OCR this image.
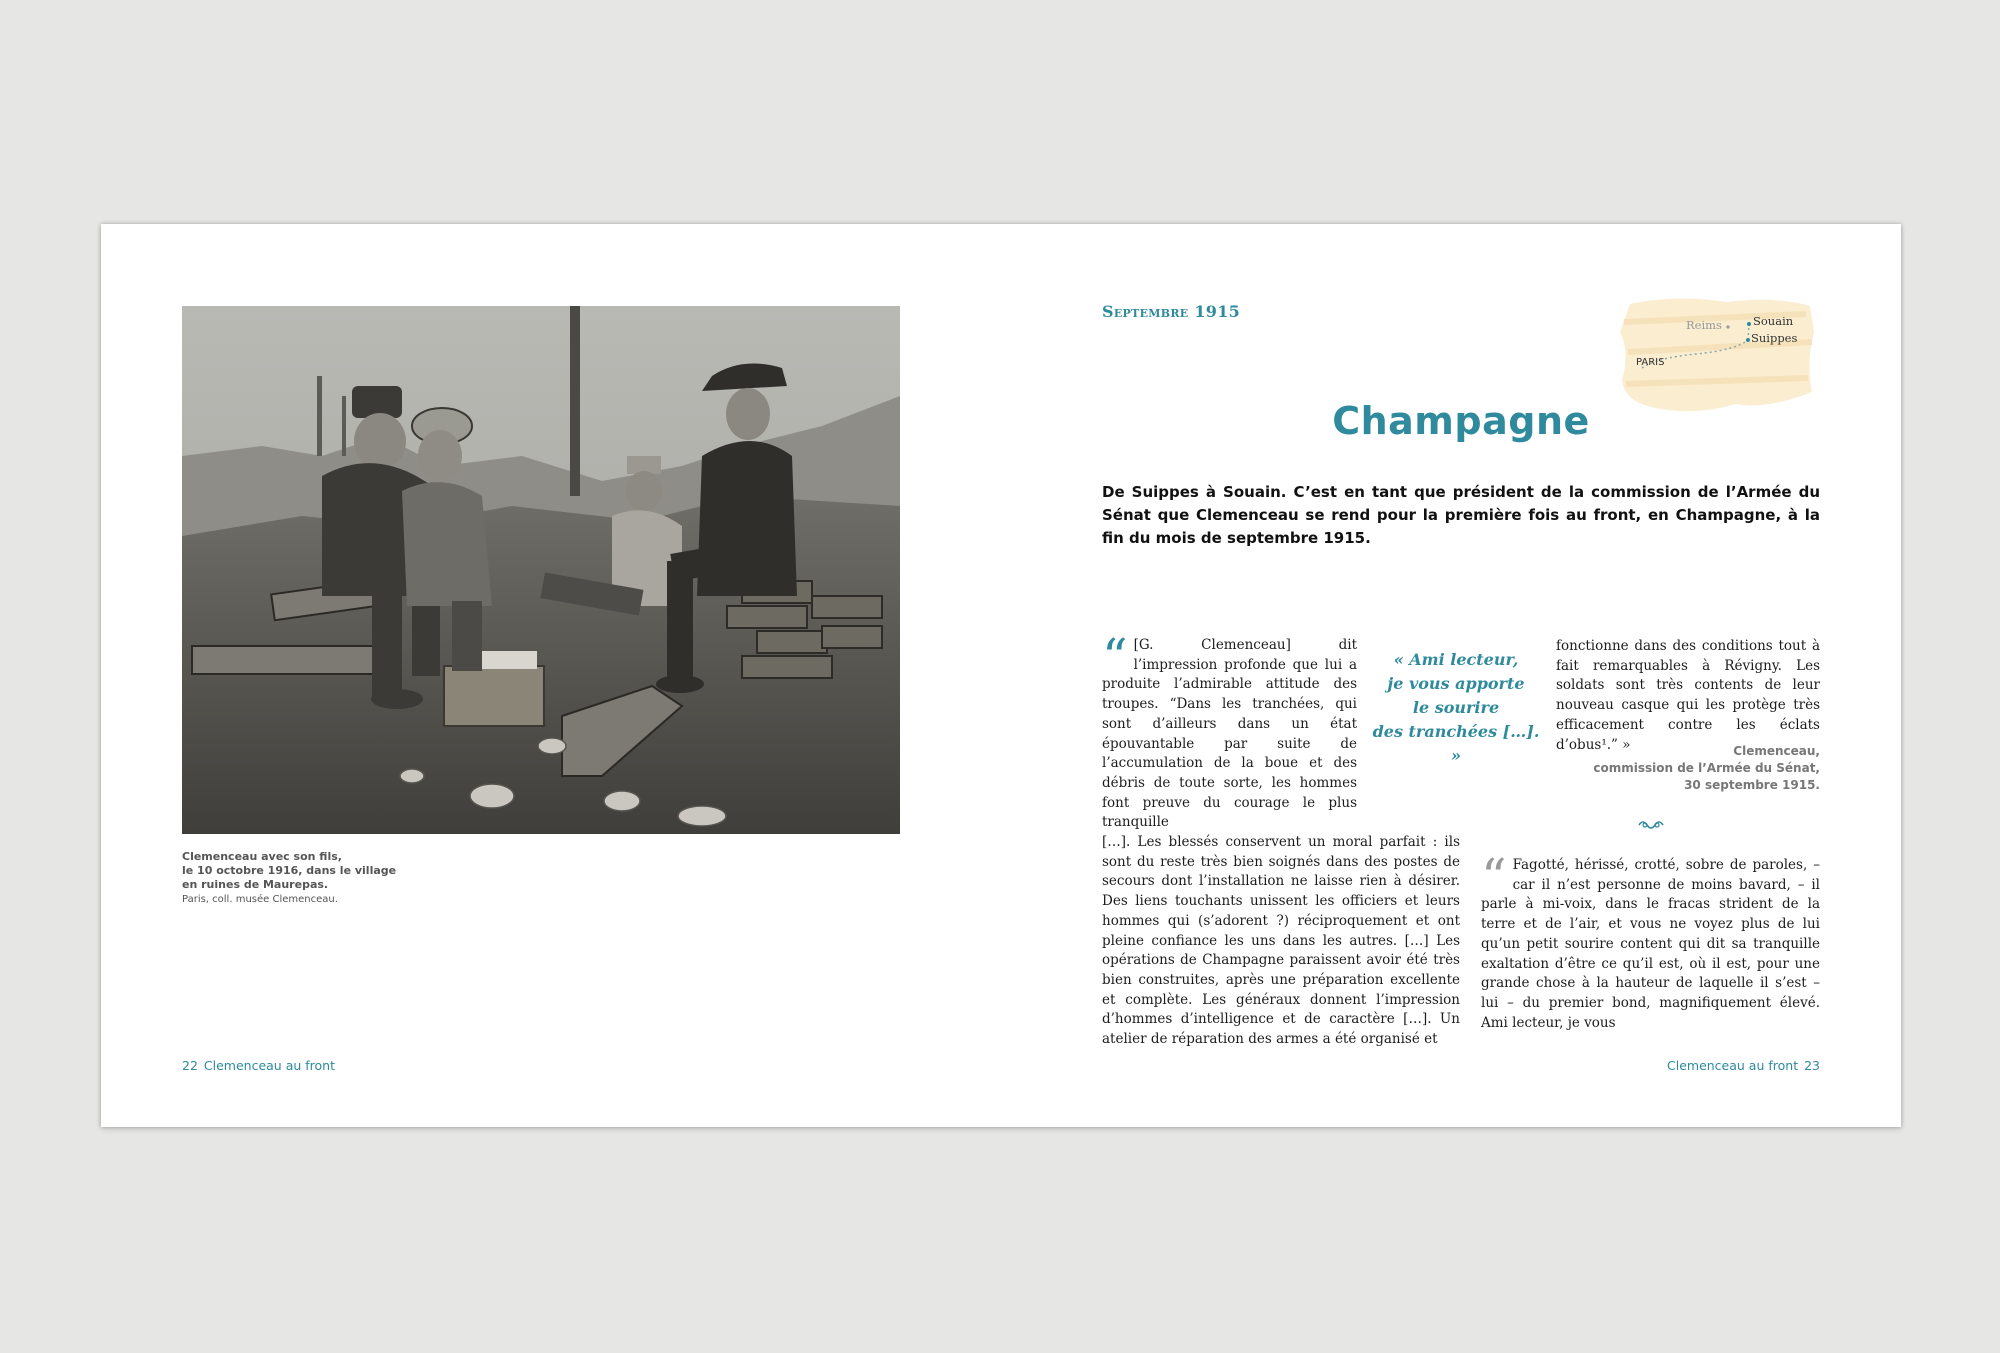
Clemenceau avec son fils,
le 10 octobre 1916, dans le village
en ruines de Maurepas.
Paris, coll. musée Clemenceau.
22 Clemenceau au front
Septembre 1915
Reims	Souain
Suippes
PARIS
Champagne

De Suippes à Souain. C’est en tant que président de la commission de l’Armée du Sénat que Clemenceau se rend pour la première fois au front, en Champagne, à la fin du mois de septembre 1915.

“ [G. Clemenceau] dit l’impression profonde que lui a produite l’admirable attitude des troupes. “Dans les tranchées, qui sont d’ailleurs dans un état épouvantable par suite de l’accumulation de la boue et des débris de toute sorte, les hommes font preuve du courage le plus tranquille
[…]. Les blessés conservent un moral parfait : ils sont du reste très bien soignés dans des postes de secours dont l’installation ne laisse rien à désirer. Des liens touchants unissent les officiers et leurs hommes qui (s’adorent ?) réciproquement et ont pleine confiance les uns dans les autres. […] Les opérations de Champagne paraissent avoir été très bien construites, après une préparation excellente et complète. Les généraux donnent l’impression d’hommes d’intelligence et de caractère […]. Un atelier de réparation des armes a été organisé et
« Ami lecteur,
je vous apporte
le sourire
des tranchées […]. »
fonctionne dans des conditions tout à fait remarquables à Révigny. Les soldats sont très contents de leur nouveau casque qui les protège très efficacement contre les éclats d’obus¹.” »	Clemenceau,
commission de l’Armée du Sénat,
30 septembre 1915.
“ Fagotté, hérissé, crotté, sobre de paroles, – car il n’est personne de moins bavard, – il parle à mi-voix, dans le fracas strident de la terre et de l’air, et vous ne voyez plus de lui qu’un petit sourire content qui dit sa tranquille exaltation d’être ce qu’il est, où il est, pour une grande chose à la hauteur de laquelle il s’est – lui – du premier bond, magnifiquement élevé. Ami lecteur, je vous
Clemenceau au front 23
